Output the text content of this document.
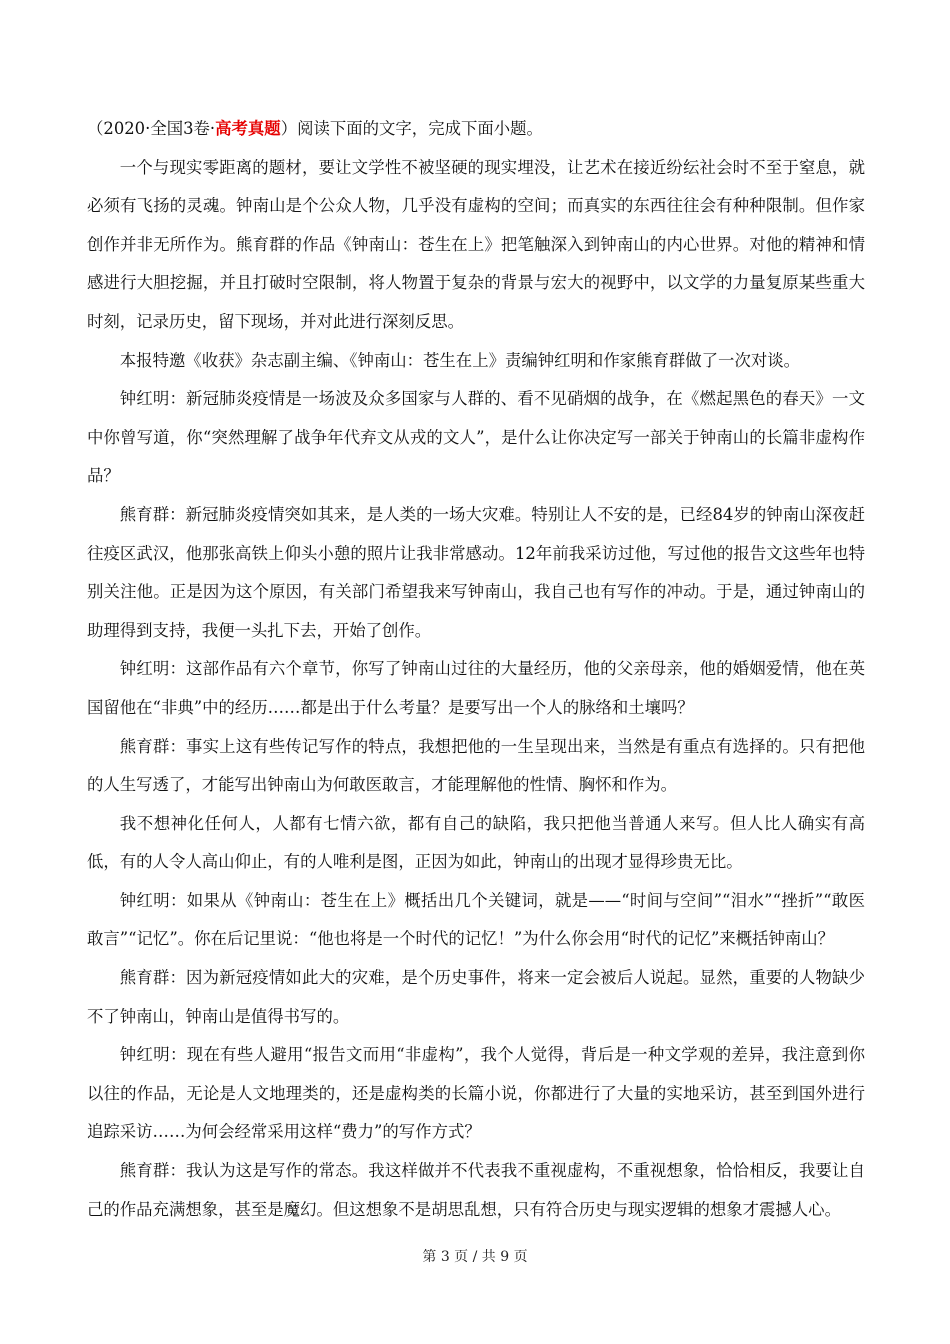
（2020·全国3卷·高考真题）阅读下面的文字，完成下面小题。

一个与现实零距离的题材，要让文学性不被坚硬的现实埋没，让艺术在接近纷纭社会时不至于窒息，就必须有飞扬的灵魂。钟南山是个公众人物，几乎没有虚构的空间；而真实的东西往往会有种种限制。但作家创作并非无所作为。熊育群的作品《钟南山：苍生在上》把笔触深入到钟南山的内心世界。对他的精神和情感进行大胆挖掘，并且打破时空限制，将人物置于复杂的背景与宏大的视野中，以文学的力量复原某些重大时刻，记录历史，留下现场，并对此进行深刻反思。

本报特邀《收获》杂志副主编、《钟南山：苍生在上》责编钟红明和作家熊育群做了一次对谈。

钟红明：新冠肺炎疫情是一场波及众多国家与人群的、看不见硝烟的战争，在《燃起黑色的春天》一文中你曾写道，你“突然理解了战争年代弃文从戎的文人”，是什么让你决定写一部关于钟南山的长篇非虚构作品？

熊育群：新冠肺炎疫情突如其来，是人类的一场大灾难。特别让人不安的是，已经84岁的钟南山深夜赶往疫区武汉，他那张高铁上仰头小憩的照片让我非常感动。12年前我采访过他，写过他的报告文这些年也特别关注他。正是因为这个原因，有关部门希望我来写钟南山，我自己也有写作的冲动。于是，通过钟南山的助理得到支持，我便一头扎下去，开始了创作。

钟红明：这部作品有六个章节，你写了钟南山过往的大量经历，他的父亲母亲，他的婚姻爱情，他在英国留他在“非典”中的经历……都是出于什么考量？是要写出一个人的脉络和土壤吗？

熊育群：事实上这有些传记写作的特点，我想把他的一生呈现出来，当然是有重点有选择的。只有把他的人生写透了，才能写出钟南山为何敢医敢言，才能理解他的性情、胸怀和作为。

我不想神化任何人，人都有七情六欲，都有自己的缺陷，我只把他当普通人来写。但人比人确实有高低，有的人令人高山仰止，有的人唯利是图，正因为如此，钟南山的出现才显得珍贵无比。

钟红明：如果从《钟南山：苍生在上》概括出几个关键词，就是——“时间与空间”“泪水”“挫折”“敢医敢言”“记忆”。你在后记里说：“他也将是一个时代的记忆！”为什么你会用“时代的记忆”来概括钟南山？

熊育群：因为新冠疫情如此大的灾难，是个历史事件，将来一定会被后人说起。显然，重要的人物缺少不了钟南山，钟南山是值得书写的。

钟红明：现在有些人避用“报告文而用“非虚构”，我个人觉得，背后是一种文学观的差异，我注意到你以往的作品，无论是人文地理类的，还是虚构类的长篇小说，你都进行了大量的实地采访，甚至到国外进行追踪采访……为何会经常采用这样“费力”的写作方式？

熊育群：我认为这是写作的常态。我这样做并不代表我不重视虚构，不重视想象，恰恰相反，我要让自己的作品充满想象，甚至是魔幻。但这想象不是胡思乱想，只有符合历史与现实逻辑的想象才震撼人心。

第 3 页 / 共 9 页
